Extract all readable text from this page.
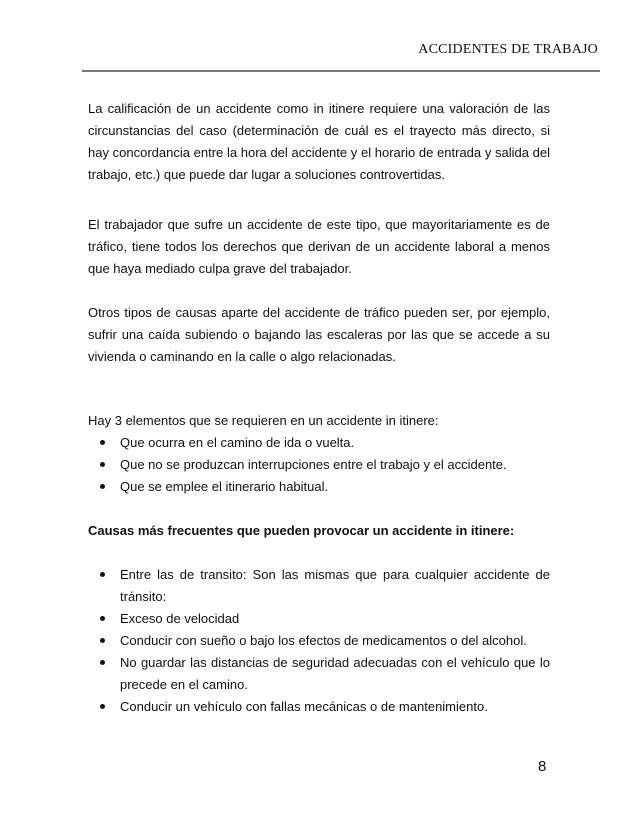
ACCIDENTES DE TRABAJO

La calificación de un accidente como in itinere requiere una valoración de las circunstancias del caso (determinación de cuál es el trayecto más directo, si hay concordancia entre la hora del accidente y el horario de entrada y salida del trabajo, etc.) que puede dar lugar a soluciones controvertidas.

El trabajador que sufre un accidente de este tipo, que mayoritariamente es de tráfico, tiene todos los derechos que derivan de un accidente laboral a menos que haya mediado culpa grave del trabajador.

Otros tipos de causas aparte del accidente de tráfico pueden ser, por ejemplo, sufrir una caída subiendo o bajando las escaleras por las que se accede a su vivienda o caminando en la calle o algo relacionadas.

Hay 3 elementos que se requieren en un accidente in itinere:

Que ocurra en el camino de ida o vuelta.
Que no se produzcan interrupciones entre el trabajo y el accidente.
Que se emplee el itinerario habitual.

Causas más frecuentes que pueden provocar un accidente in itinere:

Entre las de transito: Son las mismas que para cualquier accidente de tránsito:
Exceso de velocidad
Conducir con sueño o bajo los efectos de medicamentos o del alcohol.
No guardar las distancias de seguridad adecuadas con el vehículo que lo precede en el camino.
Conducir un vehículo con fallas mecánicas o de mantenimiento.
8
